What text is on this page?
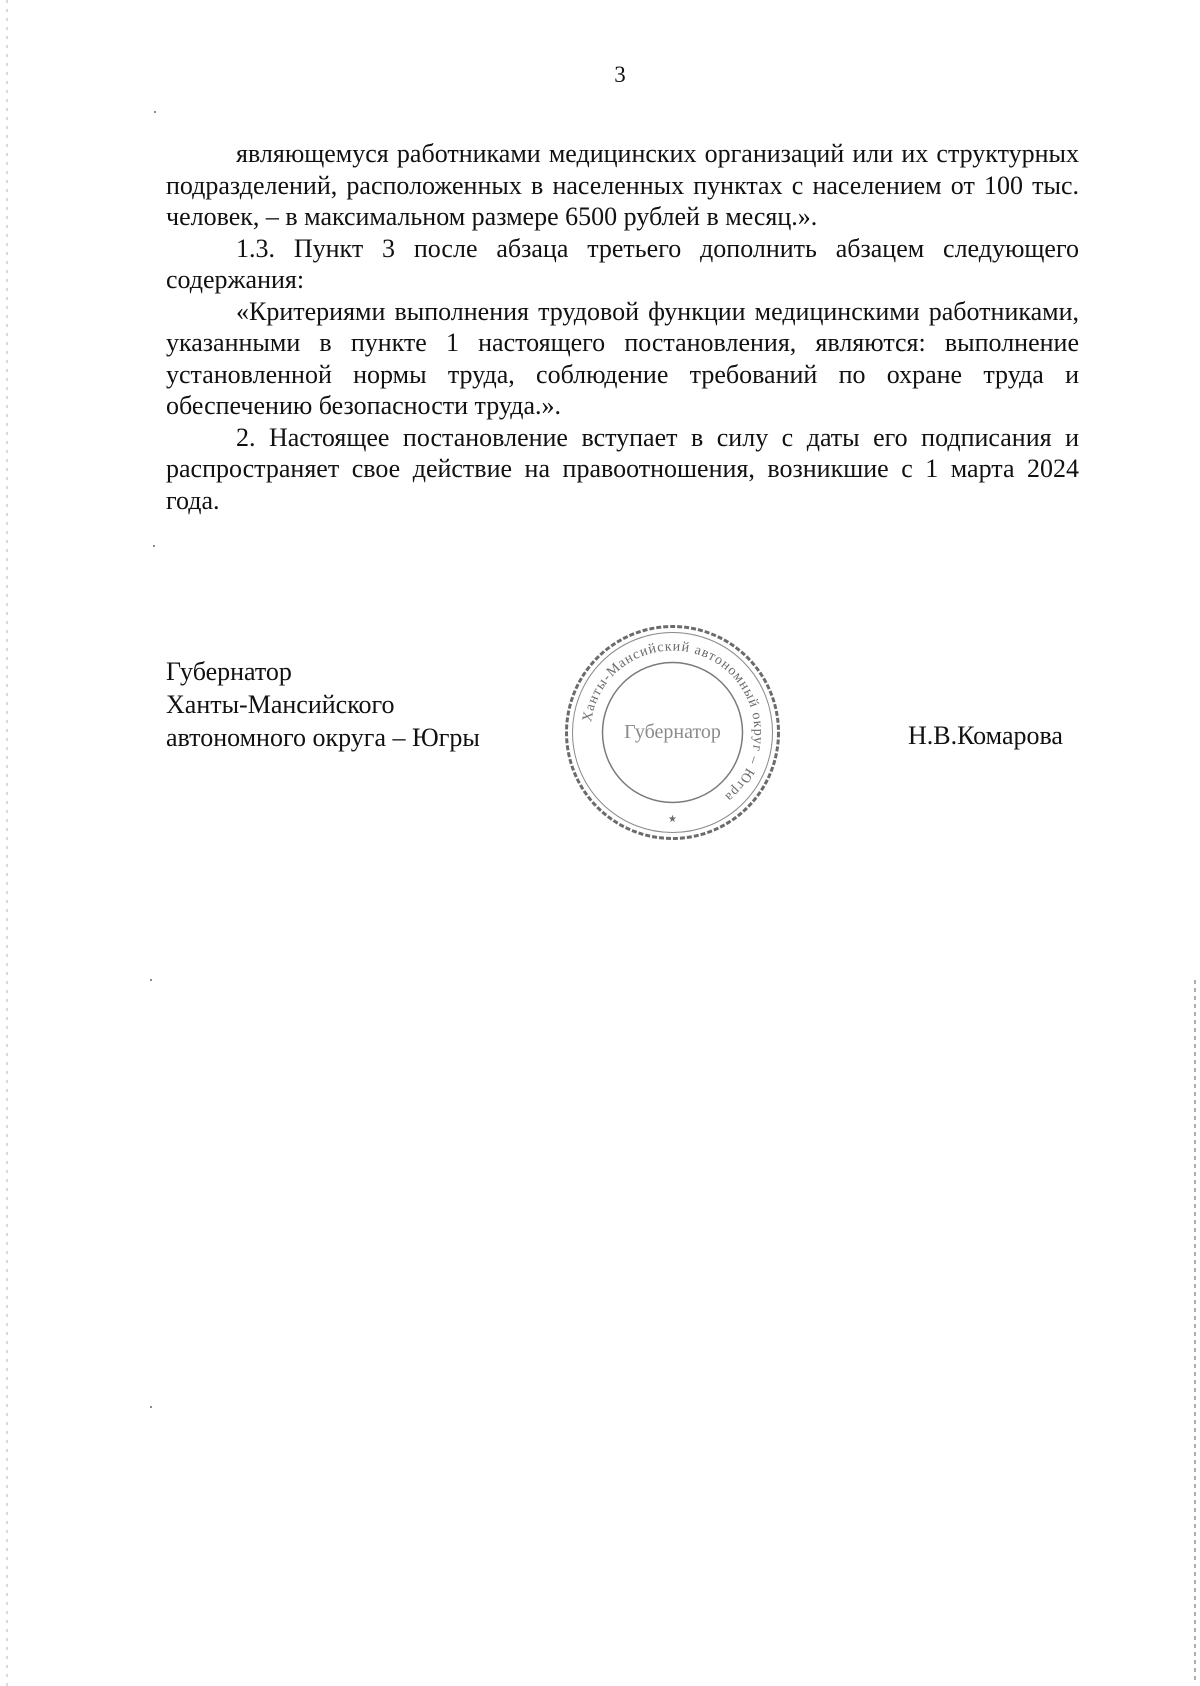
3

являющемуся работниками медицинских организаций или их структурных подразделений, расположенных в населенных пунктах с населением от 100 тыс. человек, – в максимальном размере 6500 рублей в месяц.».

1.3. Пункт 3 после абзаца третьего дополнить абзацем следующего содержания:

«Критериями выполнения трудовой функции медицинскими работниками, указанными в пункте 1 настоящего постановления, являются: выполнение установленной нормы труда, соблюдение требований по охране труда и обеспечению безопасности труда.».

2. Настоящее постановление вступает в силу с даты его подписания и распространяет свое действие на правоотношения, возникшие с 1 марта 2024 года.

Губернатор
Ханты-Мансийского
автономного округа – Югры
Ханты-Мансийский автономный округ – Югра
Губернатор
★
Н.В.Комарова
